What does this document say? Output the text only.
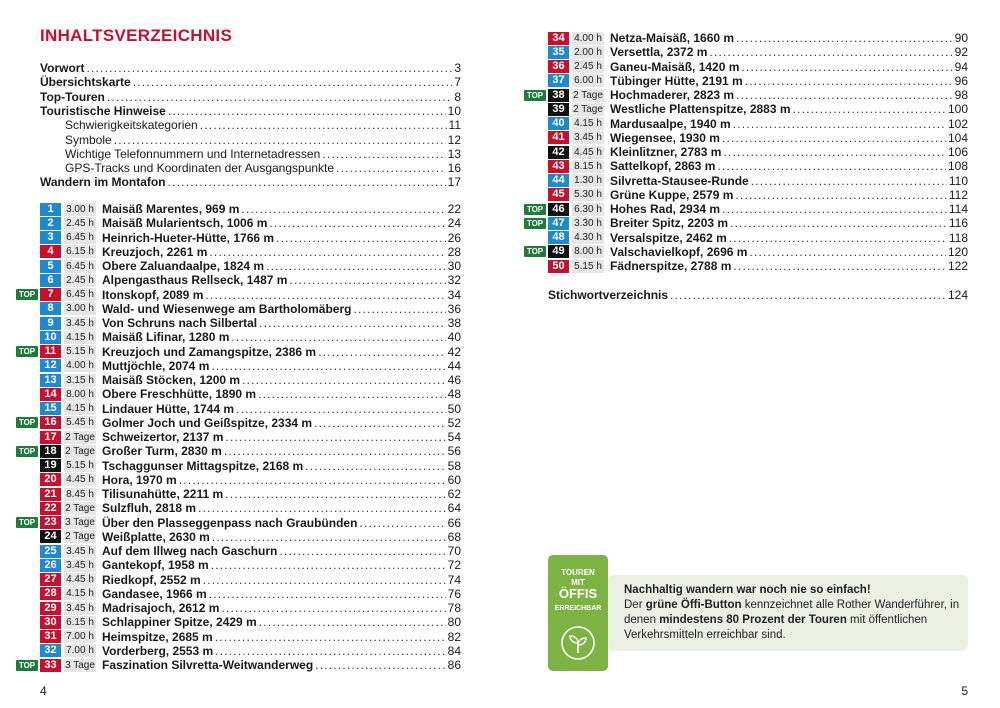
INHALTSVERZEICHNIS
Vorwort .....	3
Übersichtskarte .....	7
Top-Touren .....	8
Touristische Hinweise .....	10
Schwierigkeitskategorien .....	11
Symbole .....	12
Wichtige Telefonnummern und Internetadressen .....	13
GPS-Tracks und Koordinaten der Ausgangspunkte .....	16
Wandern im Montafon .....	17
1	3.00 h Maisäß Marentes, 969 m .....	22
2	2.45 h Maisäß Mularientsch, 1006 m .....	24
3	6.45 h Heinrich-Hueter-Hütte, 1766 m .....	26
4	6.15 h Kreuzjoch, 2261 m .....	28
5	6.45 h Obere Zaluandaalpe, 1824 m .....	30
6	2.45 h Alpengasthaus Rellseck, 1487 m .....	32
TOP	7	6.45 h Itonskopf, 2089 m .....	34
8	3.00 h Wald- und Wiesenwege am Bartholomäberg .....	36
9	3.45 h Von Schruns nach Silbertal .....	38
10 4.15 h Maisäß Lifinar, 1280 m .....	40
TOP 11 5.15 h Kreuzjoch und Zamangspitze, 2386 m .....	42
12 4.00 h Muttjöchle, 2074 m .....	44
13 3.15 h Maisäß Stöcken, 1200 m .....	46
14 8.00 h Obere Freschhütte, 1890 m .....	48
15 4.15 h Lindauer Hütte, 1744 m .....	50
TOP 16 5.45 h Golmer Joch und Geißspitze, 2334 m .....	52
17 2 Tage Schweizertor, 2137 m .....	54
TOP 18 2 Tage Großer Turm, 2830 m .....	56
19 5.15 h Tschaggunser Mittagspitze, 2168 m .....	58
20 4.45 h Hora, 1970 m .....	60
21 8.45 h Tilisunahütte, 2211 m .....	62
22 2 Tage Sulzfluh, 2818 m .....	64
TOP 23 3 Tage Über den Plasseggenpass nach Graubünden .....	66
24 2 Tage Weißplatte, 2630 m .....	68
25 3.45 h Auf dem Illweg nach Gaschurn .....	70
26 3.45 h Gantekopf, 1958 m .....	72
27 4.45 h Riedkopf, 2552 m .....	74
28 4.15 h Gandasee, 1966 m .....	76
29 3.45 h Madrisajoch, 2612 m .....	78
30 6.15 h Schlappiner Spitze, 2429 m .....	80
31 7.00 h Heimspitze, 2685 m .....	82
32 7.00 h Vorderberg, 2553 m .....	84
TOP 33 3 Tage Faszination Silvretta-Weitwanderweg .....	86
4
34 4.00 h Netza-Maisäß, 1660 m .....	90
35 2.00 h Versettla, 2372 m .....	92
36 2.45 h Ganeu-Maisäß, 1420 m .....	94
37 6.00 h Tübinger Hütte, 2191 m .....	96
TOP 38 2 Tage Hochmaderer, 2823 m .....	98
39 2 Tage Westliche Plattenspitze, 2883 m .....	100
40 4.15 h Mardusaalpe, 1940 m .....	102
41 3.45 h Wiegensee, 1930 m .....	104
42 4.45 h Kleinlitzner, 2783 m .....	106
43 8.15 h Sattelkopf, 2863 m .....	108
44 1.30 h Silvretta-Stausee-Runde .....	110
45 5.30 h Grüne Kuppe, 2579 m .....	112
TOP 46 6.30 h Hohes Rad, 2934 m .....	114
TOP 47 3.30 h Breiter Spitz, 2203 m .....	116
48 4.30 h Versalspitze, 2462 m .....	118
TOP 49 8.00 h Valschavielkopf, 2696 m .....	120
50 5.15 h Fädnerspitze, 2788 m .....	122
Stichwortverzeichnis .....	124
5
Nachhaltig wandern war noch nie so einfach!
Der grüne Öffi-Button kennzeichnet alle Rother Wanderführer, in denen mindestens 80 Prozent der Touren mit öffentlichen Verkehrsmitteln erreichbar sind.
TOUREN
MIT
ÖFFIS
ERREICHBAR
